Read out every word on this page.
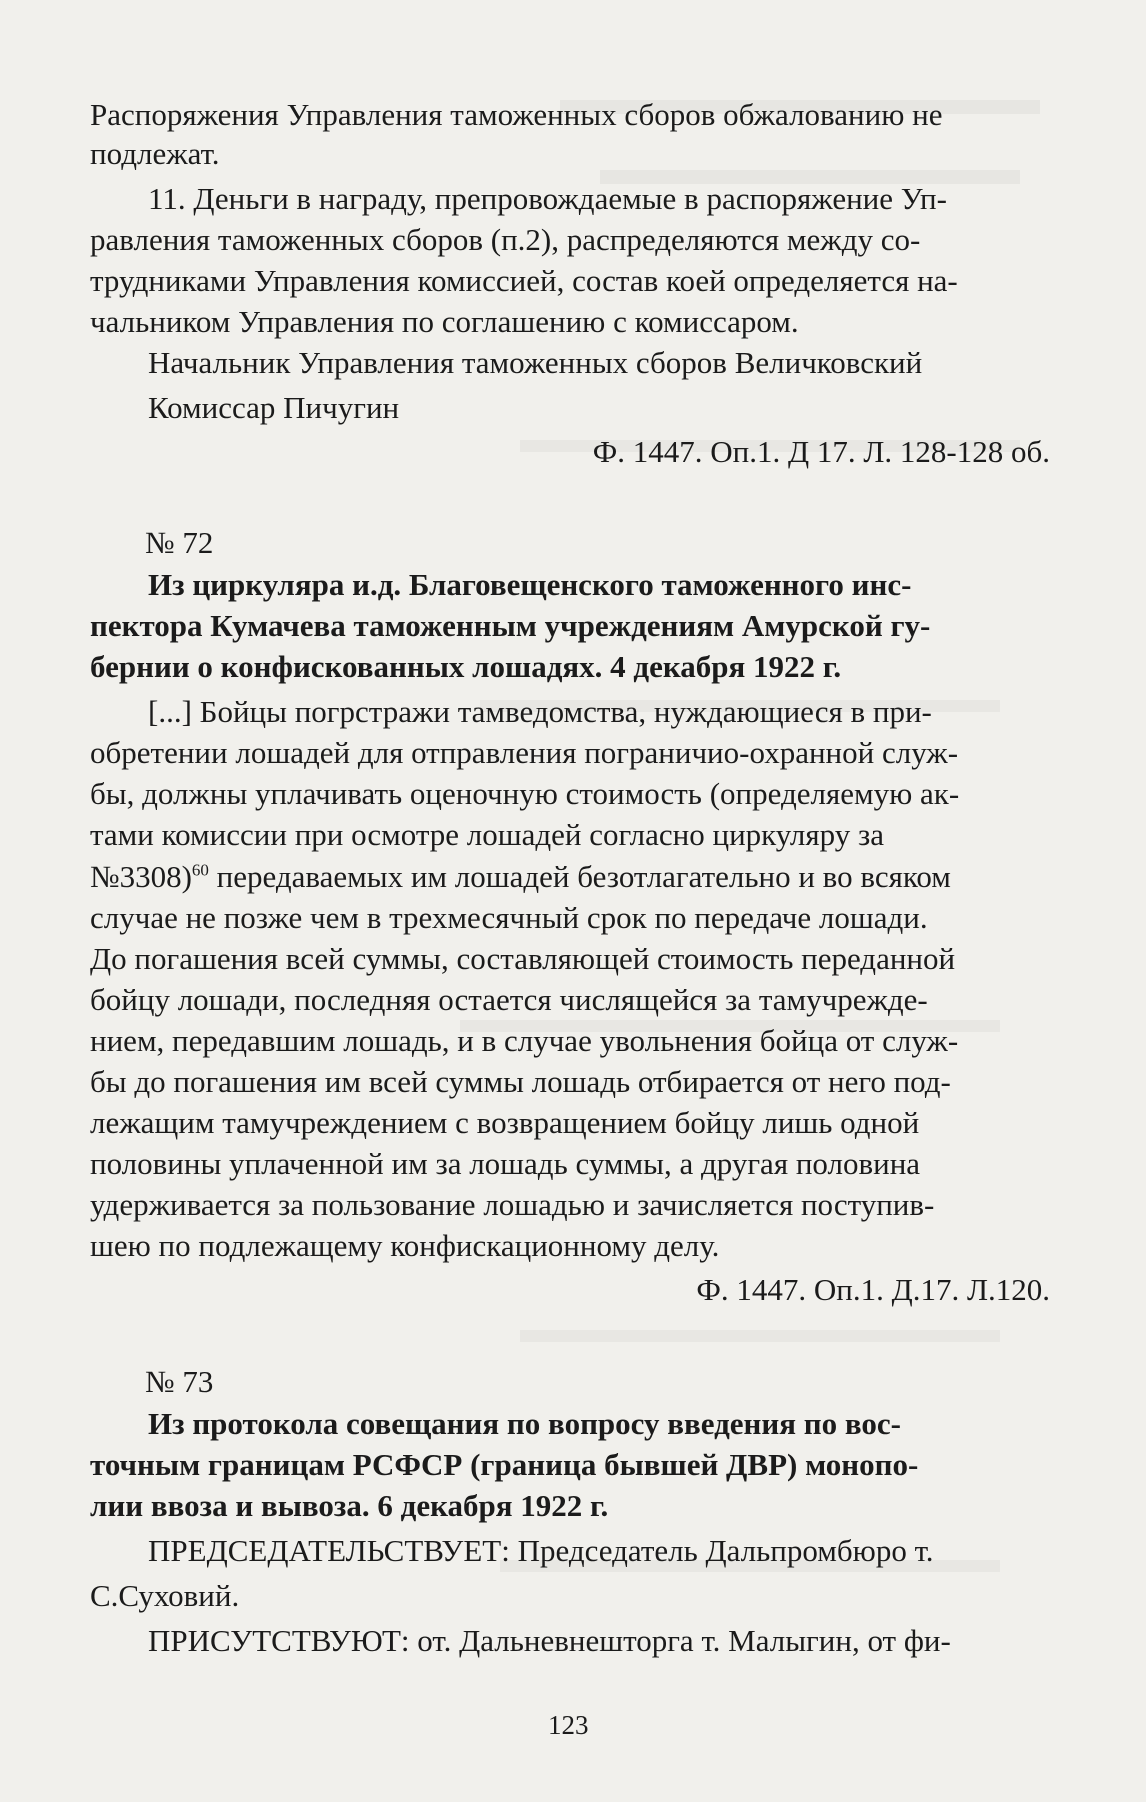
Распоряжения Управления таможенных сборов обжалованию не
подлежат.
11. Деньги в награду, препровождаемые в распоряжение Уп-
равления таможенных сборов (п.2), распределяются между со-
трудниками Управления комиссией, состав коей определяется на-
чальником Управления по соглашению с комиссаром.
Начальник Управления таможенных сборов Величковский
Комиссар Пичугин
Ф. 1447. Оп.1. Д 17. Л. 128-128 об.
№ 72
Из циркуляра и.д. Благовещенского таможенного инс-
пектора Кумачева таможенным учреждениям Амурской гу-
бернии о конфискованных лошадях. 4 декабря 1922 г.
[...] Бойцы погрстражи тамведомства, нуждающиеся в при-
обретении лошадей для отправления пограничио-охранной служ-
бы, должны уплачивать оценочную стоимость (определяемую ак-
тами комиссии при осмотре лошадей согласно циркуляру за
№3308)$^{60}$ передаваемых им лошадей безотлагательно и во всяком
случае не позже чем в трехмесячный срок по передаче лошади.
До погашения всей суммы, составляющей стоимость переданной
бойцу лошади, последняя остается числящейся за тамучрежде-
нием, передавшим лошадь, и в случае увольнения бойца от служ-
бы до погашения им всей суммы лошадь отбирается от него под-
лежащим тамучреждением с возвращением бойцу лишь одной
половины уплаченной им за лошадь суммы, а другая половина
удерживается за пользование лошадью и зачисляется поступив-
шею по подлежащему конфискационному делу.
Ф. 1447. Оп.1. Д.17. Л.120.
№ 73
Из протокола совещания по вопросу введения по вос-
точным границам РСФСР (граница бывшей ДВР) монопо-
лии ввоза и вывоза. 6 декабря 1922 г.
ПРЕДСЕДАТЕЛЬСТВУЕТ: Председатель Дальпромбюро т.
С.Суховий.
ПРИСУТСТВУЮТ: от. Дальневнешторга т. Малыгин, от фи-
123
